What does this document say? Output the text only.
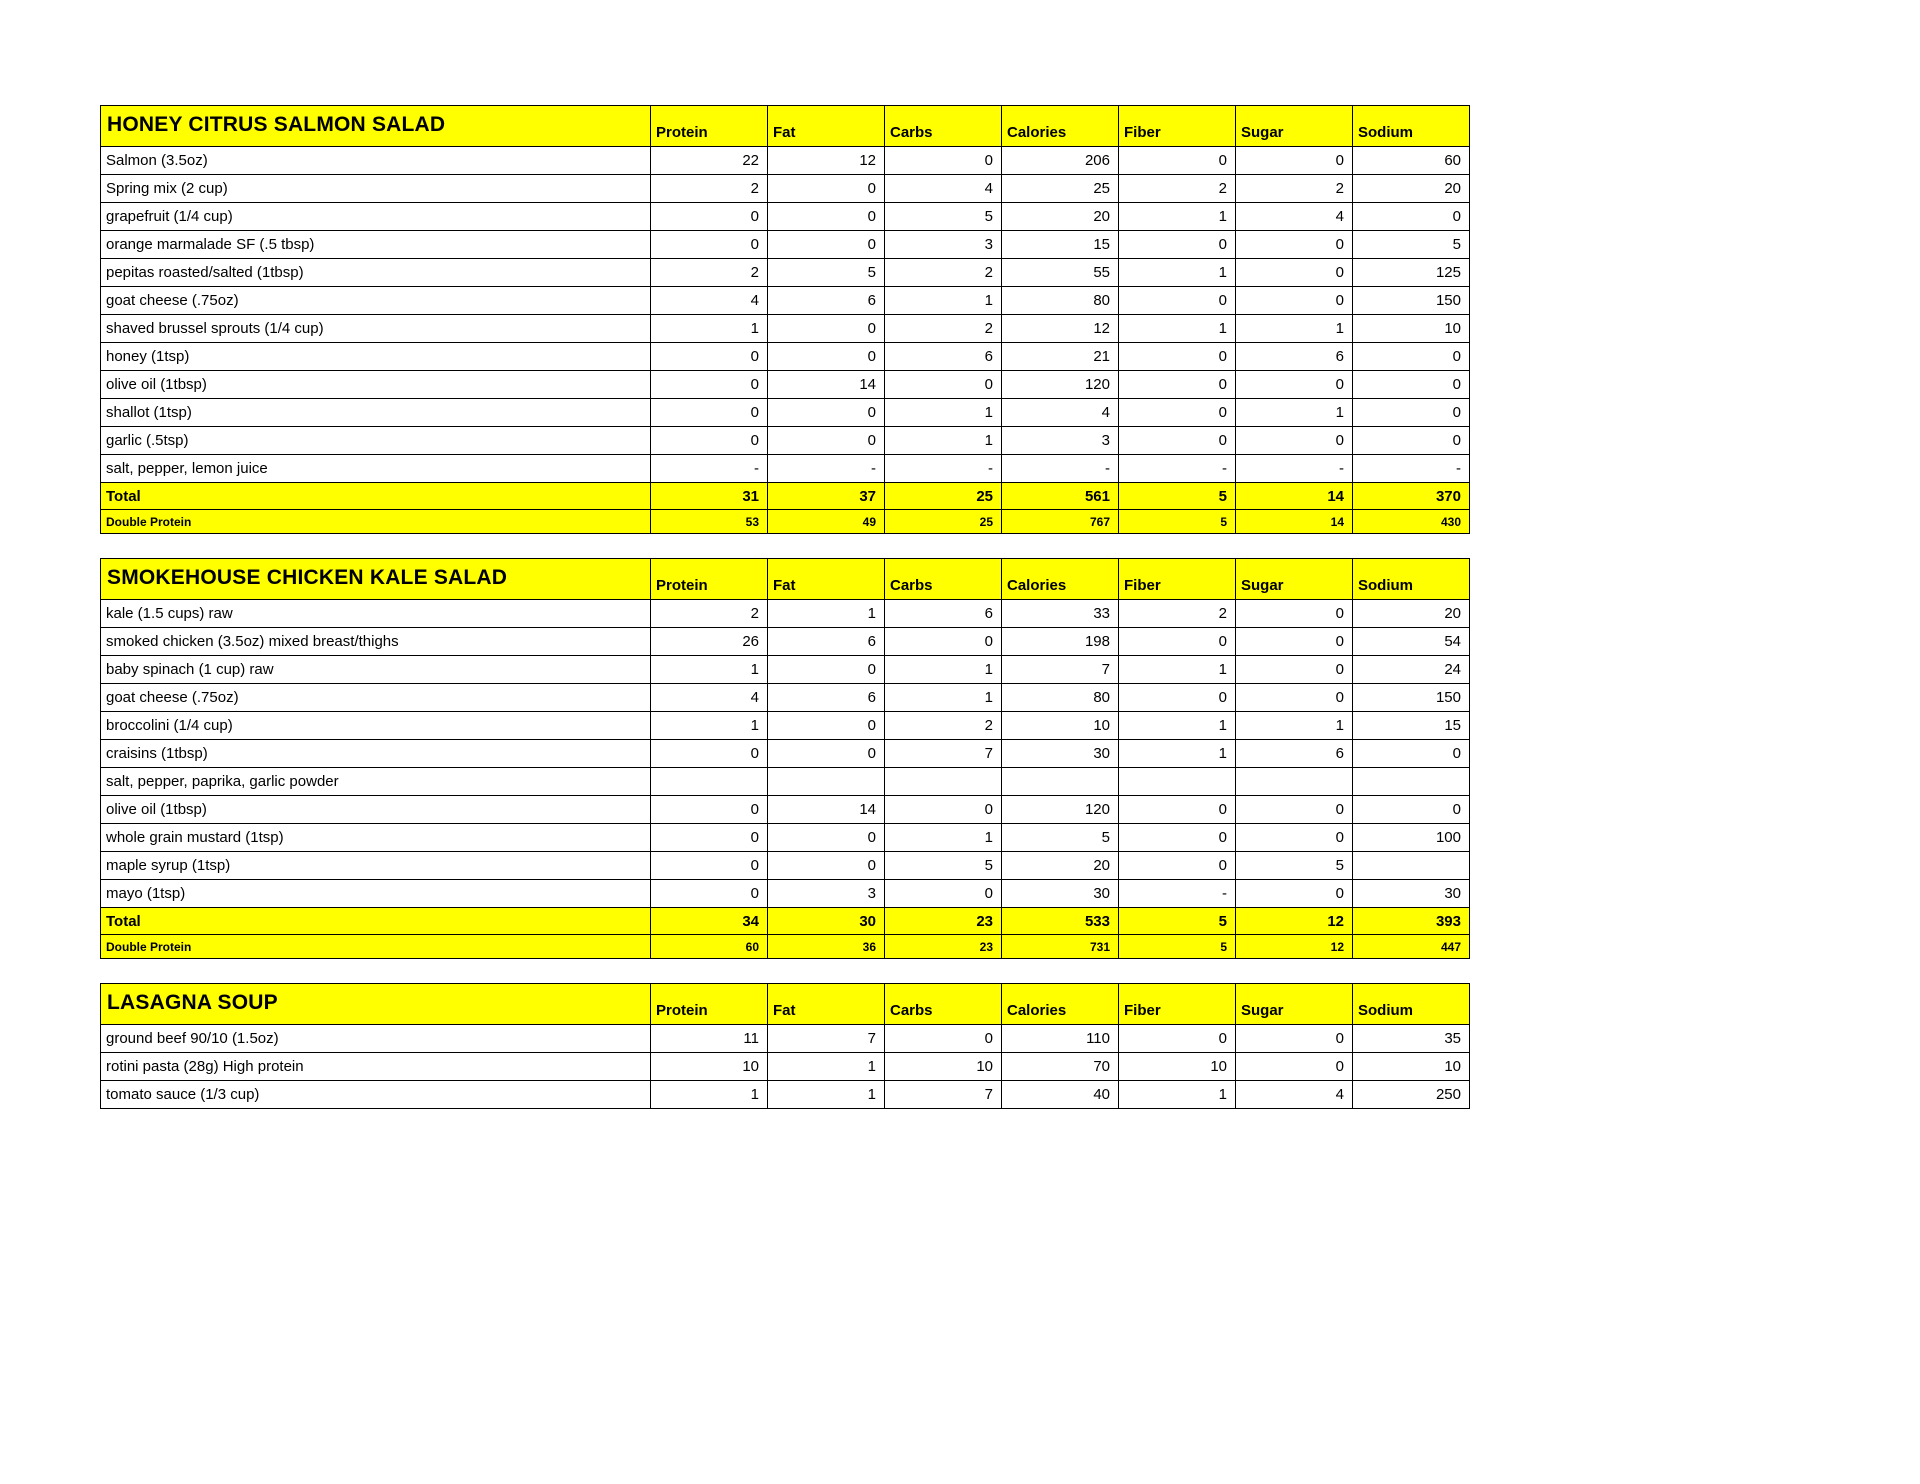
HONEY CITRUS SALMON SALAD	Protein	Fat	Carbs	Calories	Fiber	Sugar	Sodium
Salmon (3.5oz)	22	12	0	206	0	0	60
Spring mix (2 cup)	2	0	4	25	2	2	20
grapefruit (1/4 cup)	0	0	5	20	1	4	0
orange marmalade SF (.5 tbsp)	0	0	3	15	0	0	5
pepitas roasted/salted (1tbsp)	2	5	2	55	1	0	125
goat cheese (.75oz)	4	6	1	80	0	0	150
shaved brussel sprouts (1/4 cup)	1	0	2	12	1	1	10
honey (1tsp)	0	0	6	21	0	6	0
olive oil (1tbsp)	0	14	0	120	0	0	0
shallot (1tsp)	0	0	1	4	0	1	0
garlic (.5tsp)	0	0	1	3	0	0	0
salt, pepper, lemon juice	-	-	-	-	-	-	-
Total	31	37	25	561	5	14	370
Double Protein	53	49	25	767	5	14	430
SMOKEHOUSE CHICKEN KALE SALAD	Protein	Fat	Carbs	Calories	Fiber	Sugar	Sodium
kale (1.5 cups) raw	2	1	6	33	2	0	20
smoked chicken (3.5oz) mixed breast/thighs	26	6	0	198	0	0	54
baby spinach (1 cup) raw	1	0	1	7	1	0	24
goat cheese (.75oz)	4	6	1	80	0	0	150
broccolini (1/4 cup)	1	0	2	10	1	1	15
craisins (1tbsp)	0	0	7	30	1	6	0
salt, pepper, paprika, garlic powder							
olive oil (1tbsp)	0	14	0	120	0	0	0
whole grain mustard (1tsp)	0	0	1	5	0	0	100
maple syrup (1tsp)	0	0	5	20	0	5	
mayo (1tsp)	0	3	0	30	-	0	30
Total	34	30	23	533	5	12	393
Double Protein	60	36	23	731	5	12	447
LASAGNA SOUP	Protein	Fat	Carbs	Calories	Fiber	Sugar	Sodium
ground beef 90/10 (1.5oz)	11	7	0	110	0	0	35
rotini pasta (28g) High protein	10	1	10	70	10	0	10
tomato sauce (1/3 cup)	1	1	7	40	1	4	250
